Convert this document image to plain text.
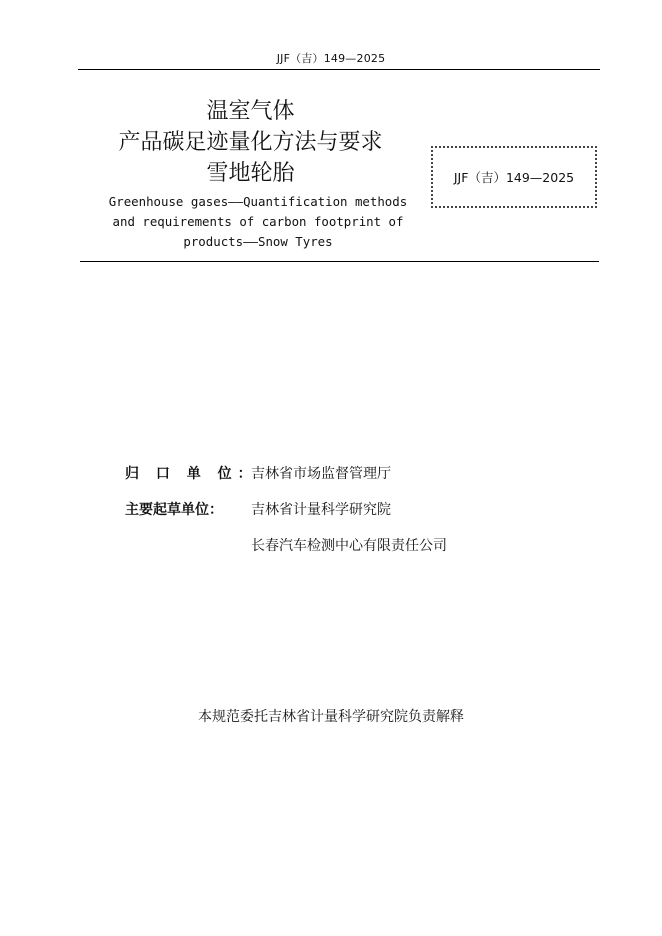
JJF（吉）149—2025
温室气体
产品碳足迹量化方法与要求
雪地轮胎
Greenhouse gases——Quantification methods
and requirements of carbon footprint of
products——Snow Tyres
JJF（吉）149—2025
归 口 单 位：
吉林省市场监督管理厅
主要起草单位：	吉林省计量科学研究院
长春汽车检测中心有限责任公司
本规范委托吉林省计量科学研究院负责解释
